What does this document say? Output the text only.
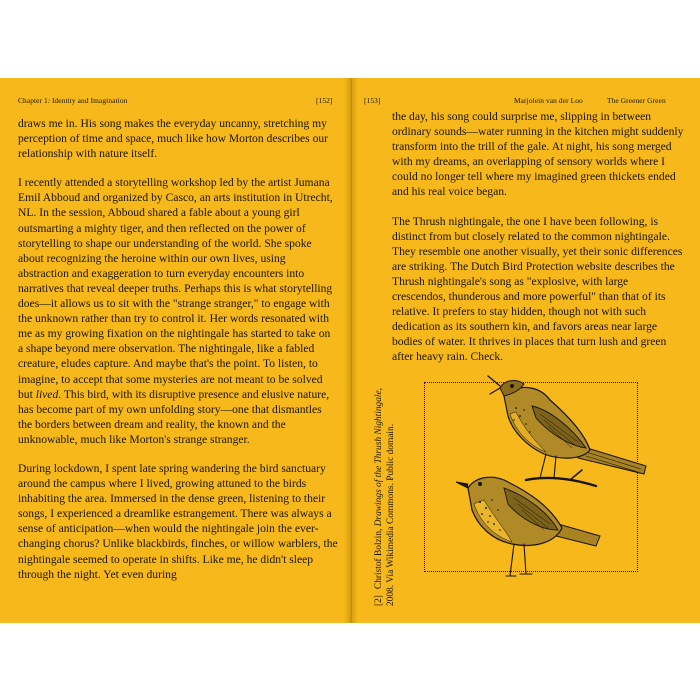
Chapter 1: Identity and Imagination	[152]

draws me in. His song makes the everyday uncanny, stretching my perception of time and space, much like how Morton describes our relationship with nature itself.

I recently attended a storytelling workshop led by the artist Jumana Emil Abboud and organized by Casco, an arts institution in Utrecht, NL. In the session, Abboud shared a fable about a young girl outsmarting a mighty tiger, and then reflected on the power of storytelling to shape our understanding of the world. She spoke about recognizing the heroine within our own lives, using abstraction and exaggeration to turn everyday encounters into narratives that reveal deeper truths. Perhaps this is what storytelling does—it allows us to sit with the "strange stranger," to engage with the unknown rather than try to control it. Her words resonated with me as my growing fixation on the nightingale has started to take on a shape beyond mere observation. The nightingale, like a fabled creature, eludes capture. And maybe that's the point. To listen, to imagine, to accept that some mysteries are not meant to be solved but lived. This bird, with its disruptive presence and elusive nature, has become part of my own unfolding story—one that dismantles the borders between dream and reality, the known and the unknowable, much like Morton's strange stranger.

During lockdown, I spent late spring wandering the bird sanctuary around the campus where I lived, growing attuned to the birds inhabiting the area. Immersed in the dense green, listening to their songs, I experienced a dreamlike estrangement. There was always a sense of anticipation—when would the nightingale join the ever-changing chorus? Unlike blackbirds, finches, or willow warblers, the nightingale seemed to operate in shifts. Like me, he didn't sleep through the night. Yet even during

[153]	Marjolein van der Loo	The Greener Green

the day, his song could surprise me, slipping in between ordinary sounds—water running in the kitchen might suddenly transform into the trill of the gale. At night, his song merged with my dreams, an overlapping of sensory worlds where I could no longer tell where my imagined green thickets ended and his real voice began.

The Thrush nightingale, the one I have been following, is distinct from but closely related to the common nightingale. They resemble one another visually, yet their sonic differences are striking. The Dutch Bird Protection website describes the Thrush nightingale's song as "explosive, with large crescendos, thunderous and more powerful" than that of its relative. It prefers to stay hidden, though not with such dedication as its southern kin, and favors areas near large bodies of water. It thrives in places that turn lush and green after heavy rain. Check.

[2]Christof Bolzin, Drawings of the Thrush Nightingale, 2008. Via Wikimedia Commons. Public domain.
